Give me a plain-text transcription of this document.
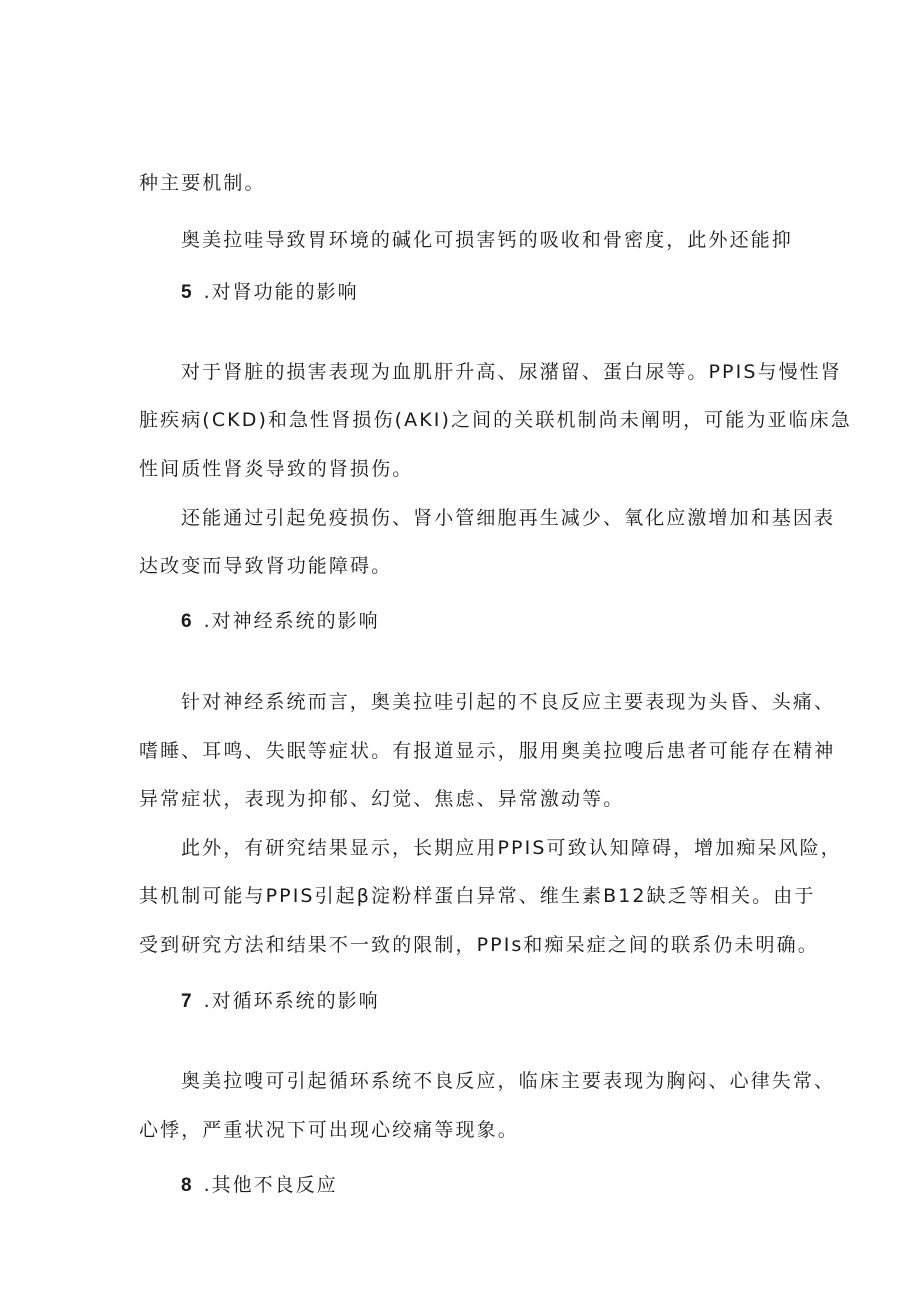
种主要机制。

奥美拉哇导致胃环境的碱化可损害钙的吸收和骨密度，此外还能抑

5 .对肾功能的影响

对于肾脏的损害表现为血肌肝升高、尿潴留、蛋白尿等。PPIS与慢性肾

脏疾病(CKD)和急性肾损伤(AKI)之间的关联机制尚未阐明，可能为亚临床急

性间质性肾炎导致的肾损伤。

还能通过引起免疫损伤、肾小管细胞再生减少、氧化应激增加和基因表

达改变而导致肾功能障碍。

6 .对神经系统的影响

针对神经系统而言，奥美拉哇引起的不良反应主要表现为头昏、头痛、

嗜睡、耳鸣、失眠等症状。有报道显示，服用奥美拉嗖后患者可能存在精神

异常症状，表现为抑郁、幻觉、焦虑、异常激动等。

此外，有研究结果显示，长期应用PPIS可致认知障碍，增加痴呆风险，

其机制可能与PPIS引起β淀粉样蛋白异常、维生素B12缺乏等相关。由于

受到研究方法和结果不一致的限制，PPIs和痴呆症之间的联系仍未明确。

7 .对循环系统的影响

奥美拉嗖可引起循环系统不良反应，临床主要表现为胸闷、心律失常、

心悸，严重状况下可出现心绞痛等现象。

8 .其他不良反应
